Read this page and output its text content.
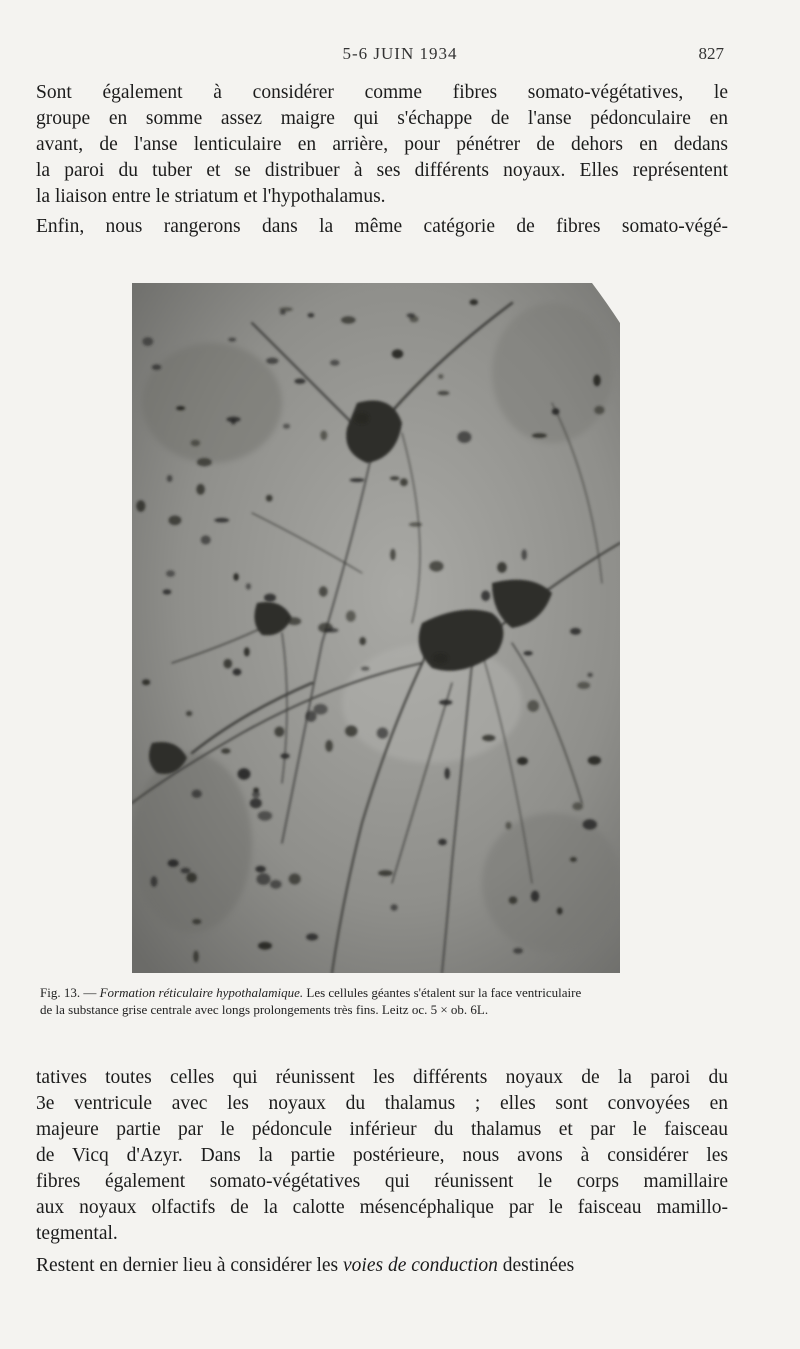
5-6 JUIN 1934	827
Sont également à considérer comme fibres somato-végétatives, le
groupe en somme assez maigre qui s'échappe de l'anse pédonculaire en
avant, de l'anse lenticulaire en arrière, pour pénétrer de dehors en dedans
la paroi du tuber et se distribuer à ses différents noyaux. Elles représentent
la liaison entre le striatum et l'hypothalamus.
Enfin, nous rangerons dans la même catégorie de fibres somato-végé-
Fig. 13. — Formation réticulaire hypothalamique. Les cellules géantes s'étalent sur la face ventriculaire
de la substance grise centrale avec longs prolongements très fins. Leitz oc. 5 × ob. 6L.
tatives toutes celles qui réunissent les différents noyaux de la paroi du
3e ventricule avec les noyaux du thalamus ; elles sont convoyées en
majeure partie par le pédoncule inférieur du thalamus et par le faisceau
de Vicq d'Azyr. Dans la partie postérieure, nous avons à considérer les
fibres également somato-végétatives qui réunissent le corps mamillaire
aux noyaux olfactifs de la calotte mésencéphalique par le faisceau mamillo-
tegmental.
Restent en dernier lieu à considérer les voies de conduction destinées
